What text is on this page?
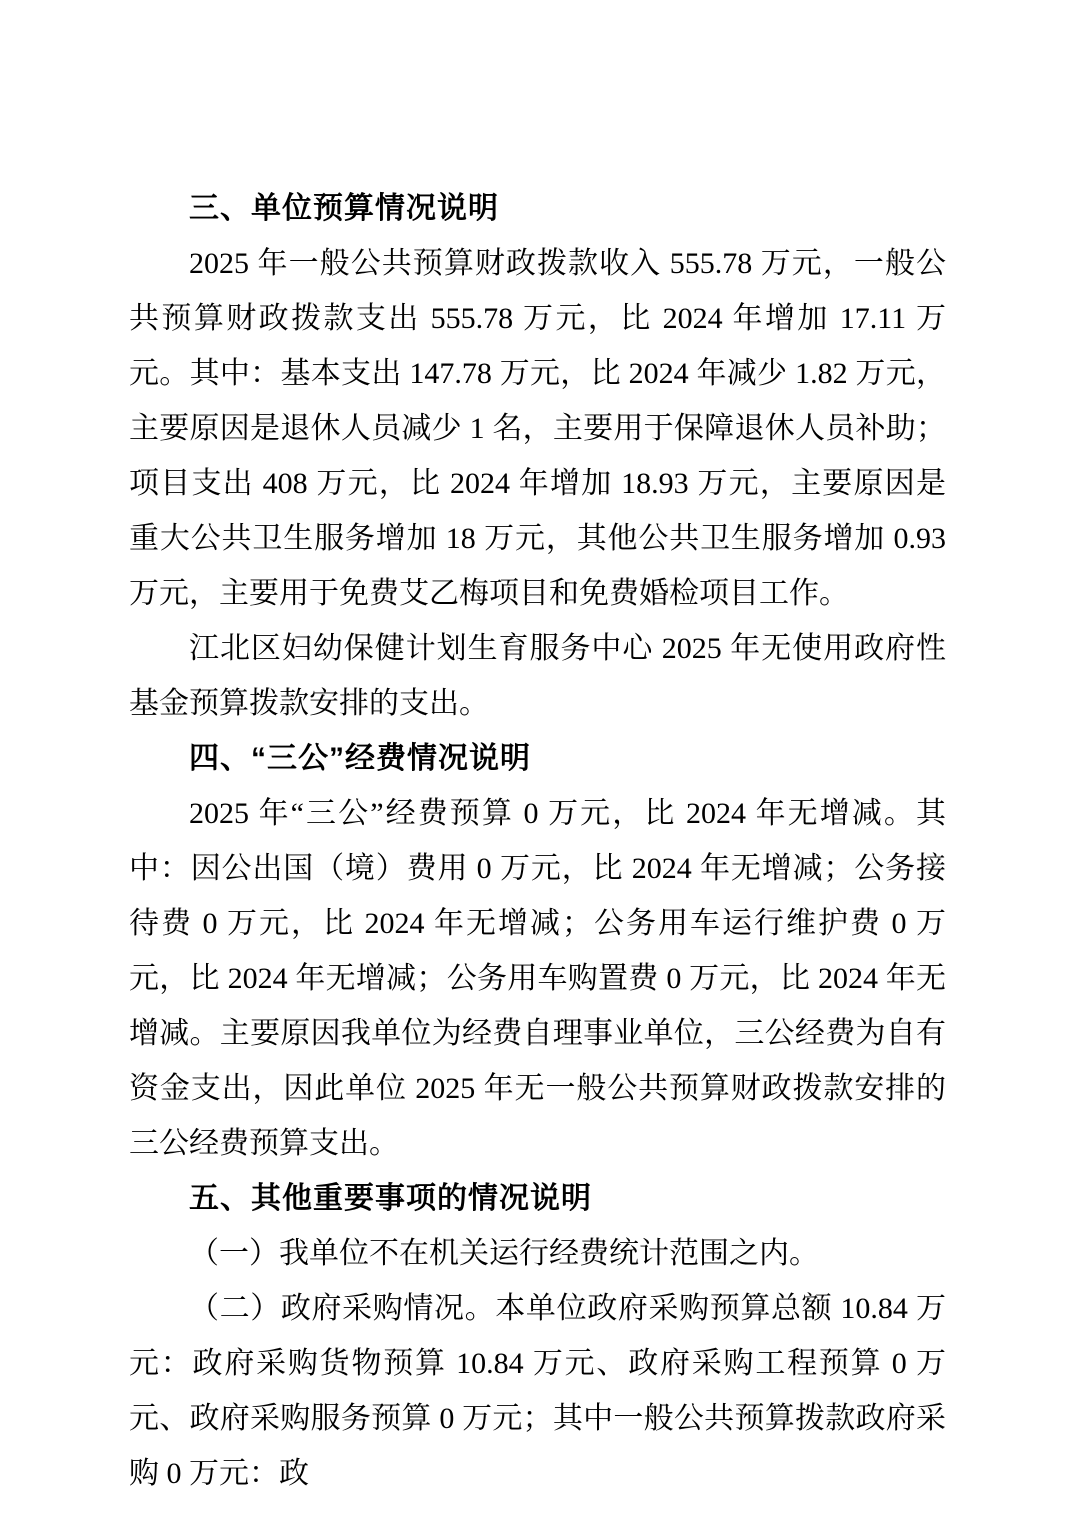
三、单位预算情况说明

2025 年一般公共预算财政拨款收入 555.78 万元，一般公共预算财政拨款支出 555.78 万元，比 2024 年增加 17.11 万元。其中：基本支出 147.78 万元，比 2024 年减少 1.82 万元，主要原因是退休人员减少 1 名，主要用于保障退休人员补助；项目支出 408 万元，比 2024 年增加 18.93 万元，主要原因是重大公共卫生服务增加 18 万元，其他公共卫生服务增加 0.93 万元，主要用于免费艾乙梅项目和免费婚检项目工作。

江北区妇幼保健计划生育服务中心 2025 年无使用政府性基金预算拨款安排的支出。

四、“三公”经费情况说明

2025 年“三公”经费预算 0 万元，比 2024 年无增减。其中：因公出国（境）费用 0 万元，比 2024 年无增减；公务接待费 0 万元，比 2024 年无增减；公务用车运行维护费 0 万元，比 2024 年无增减；公务用车购置费 0 万元，比 2024 年无增减。主要原因我单位为经费自理事业单位，三公经费为自有资金支出，因此单位 2025 年无一般公共预算财政拨款安排的三公经费预算支出。

五、其他重要事项的情况说明

（一）我单位不在机关运行经费统计范围之内。

（二）政府采购情况。本单位政府采购预算总额 10.84 万元：政府采购货物预算 10.84 万元、政府采购工程预算 0 万元、政府采购服务预算 0 万元；其中一般公共预算拨款政府采购 0 万元：政
